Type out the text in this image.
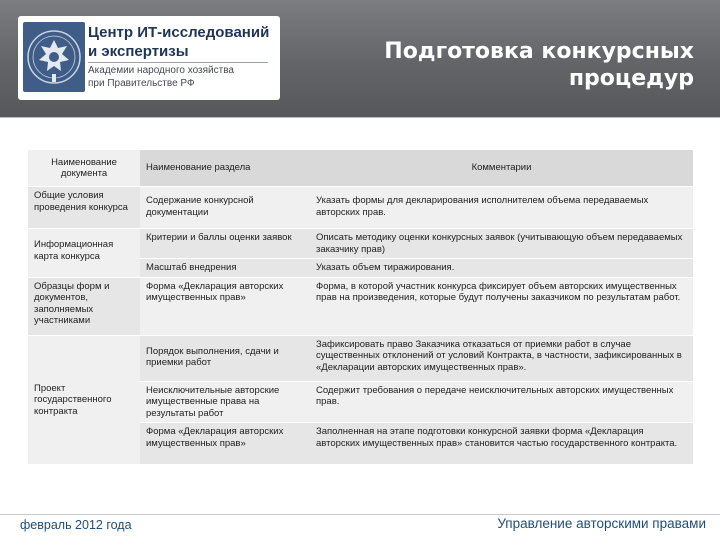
Центр ИТ-исследований
и экспертизы
Академии народного хозяйства
при Правительстве РФ
Подготовка конкурсных
процедур
Наименование документа	Наименование раздела	Комментарии
Общие условия проведения конкурса	Содержание конкурсной документации	Указать формы для декларирования исполнителем объема передаваемых авторских прав.
Информационная карта конкурса	Критерии и баллы оценки заявок	Описать методику оценки конкурсных заявок (учитывающую объем передаваемых заказчику прав)
	Масштаб внедрения	Указать объем тиражирования.
Образцы форм и документов, заполняемых участниками	Форма «Декларация авторских имущественных прав»	Форма, в которой участник конкурса фиксирует объем авторских имущественных прав на произведения, которые будут получены заказчиком по результатам работ.
Проект государственного контракта	Порядок выполнения, сдачи и приемки работ	Зафиксировать право Заказчика отказаться от приемки работ в случае существенных отклонений от условий Контракта, в частности, зафиксированных в «Декларации авторских имущественных прав».
	Неисключительные авторские имущественные права на результаты работ	Содержит требования о передаче неисключительных авторских имущественных прав.
	Форма «Декларация авторских имущественных прав»	Заполненная на этапе подготовки конкурсной заявки форма «Декларация авторских имущественных прав» становится частью государственного контракта.
февраль 2012 года	Управление авторскими правами
